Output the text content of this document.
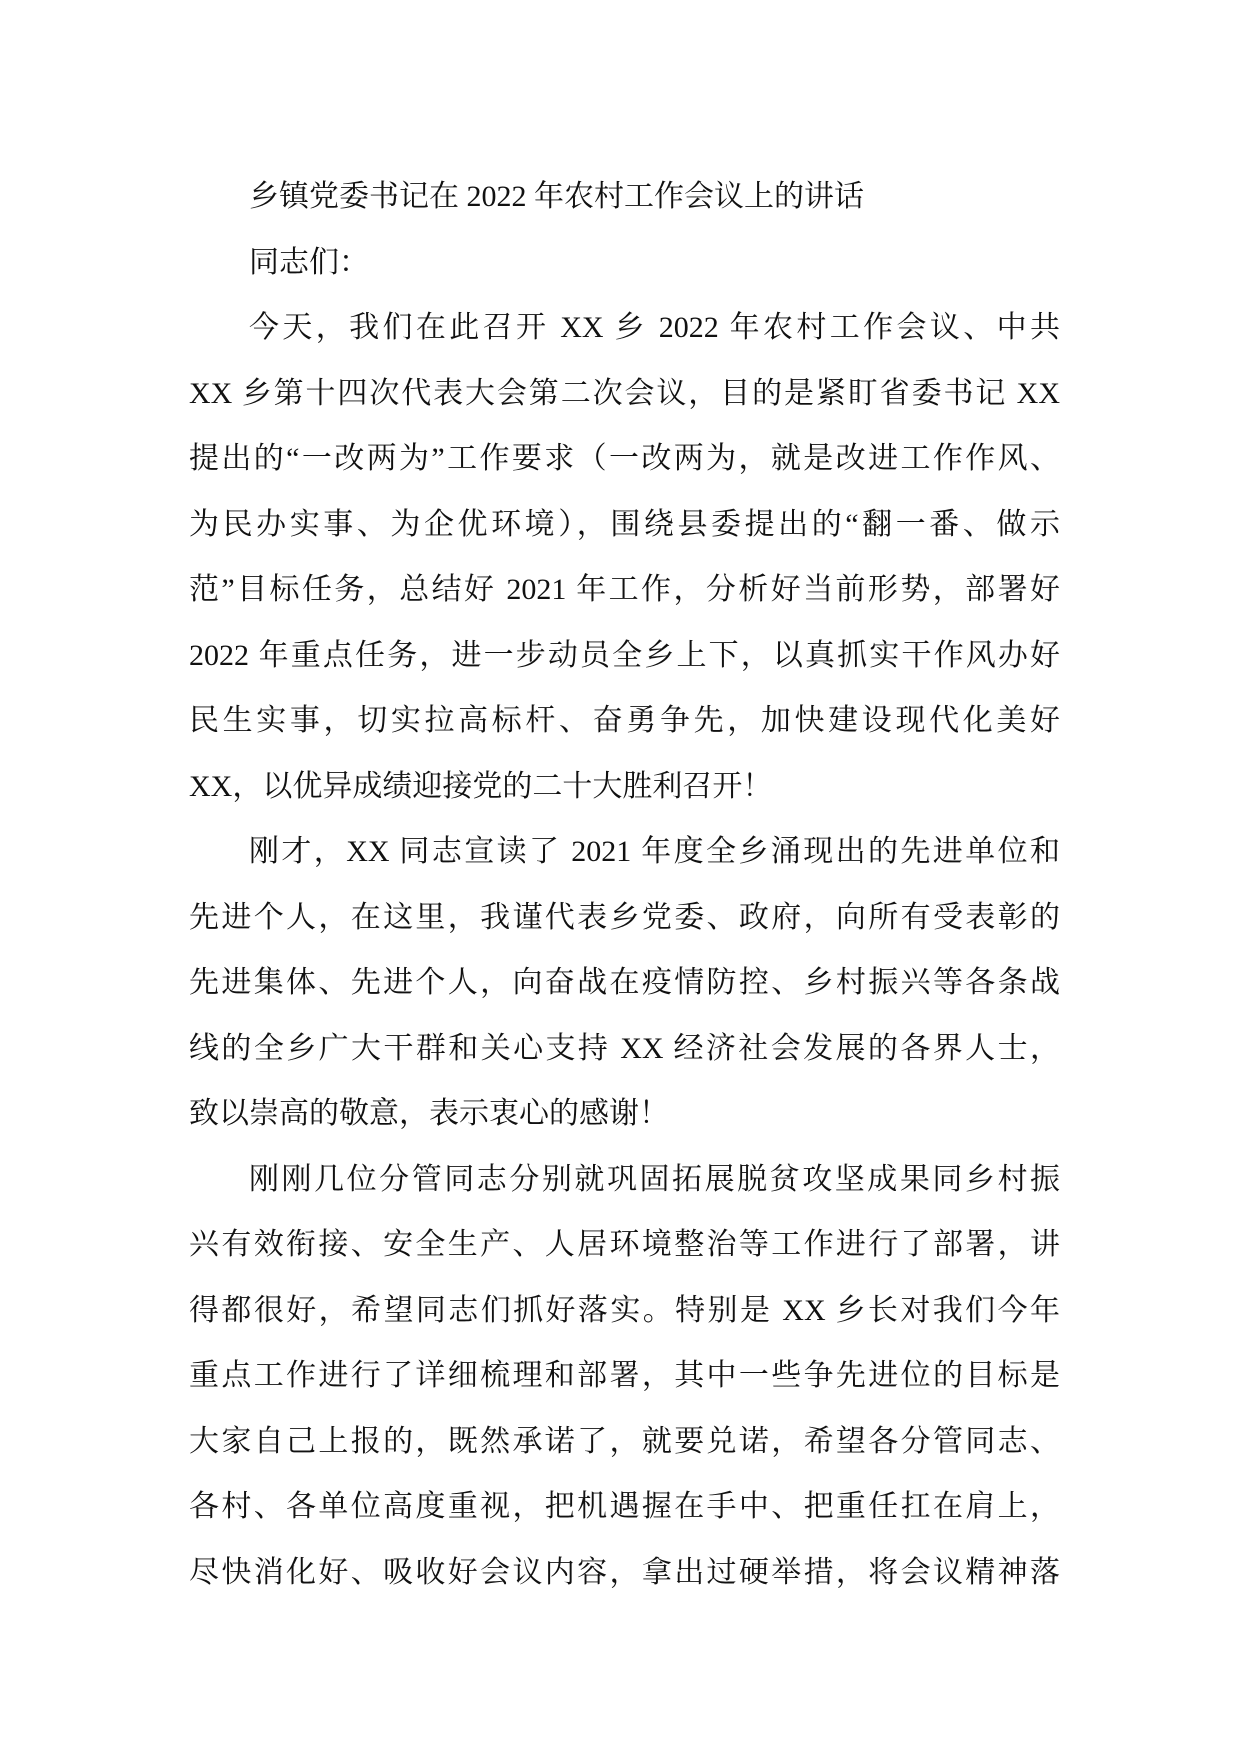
乡镇党委书记在 2022 年农村工作会议上的讲话
同志们：
今天，我们在此召开 XX 乡 2022 年农村工作会议、中共
XX 乡第十四次代表大会第二次会议，目的是紧盯省委书记 XX
提出的“一改两为”工作要求（一改两为，就是改进工作作风、
为民办实事、为企优环境），围绕县委提出的“翻一番、做示
范”目标任务，总结好 2021 年工作，分析好当前形势，部署好
2022 年重点任务，进一步动员全乡上下，以真抓实干作风办好
民生实事，切实拉高标杆、奋勇争先，加快建设现代化美好
XX，以优异成绩迎接党的二十大胜利召开！
刚才，XX 同志宣读了 2021 年度全乡涌现出的先进单位和
先进个人，在这里，我谨代表乡党委、政府，向所有受表彰的
先进集体、先进个人，向奋战在疫情防控、乡村振兴等各条战
线的全乡广大干群和关心支持 XX 经济社会发展的各界人士，
致以崇高的敬意，表示衷心的感谢！
刚刚几位分管同志分别就巩固拓展脱贫攻坚成果同乡村振
兴有效衔接、安全生产、人居环境整治等工作进行了部署，讲
得都很好，希望同志们抓好落实。特别是 XX 乡长对我们今年
重点工作进行了详细梳理和部署，其中一些争先进位的目标是
大家自己上报的，既然承诺了，就要兑诺，希望各分管同志、
各村、各单位高度重视，把机遇握在手中、把重任扛在肩上，
尽快消化好、吸收好会议内容，拿出过硬举措，将会议精神落
